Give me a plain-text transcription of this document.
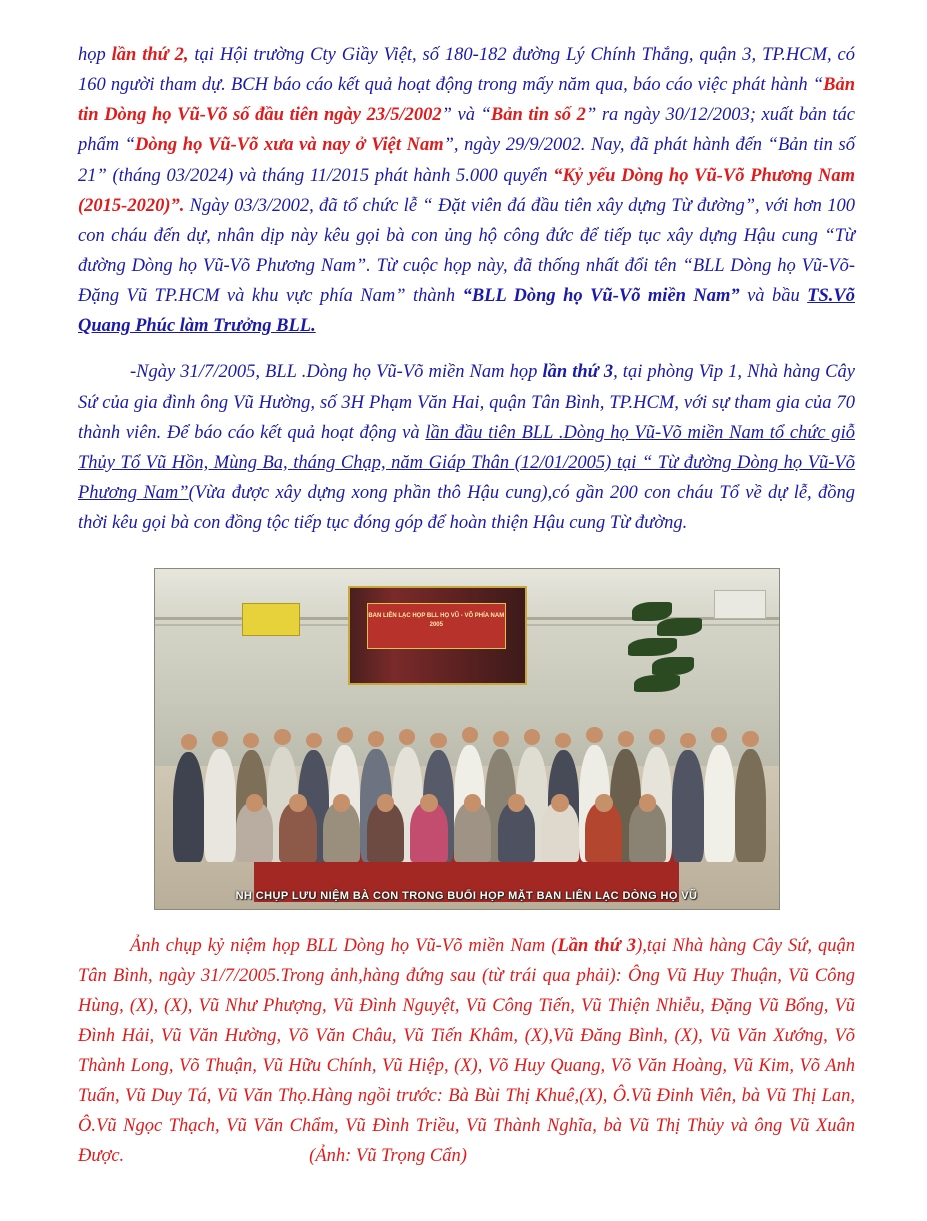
họp lần thứ 2, tại Hội trường Cty Giầy Việt, số 180-182 đường Lý Chính Thắng, quận 3, TP.HCM, có 160 người tham dự. BCH báo cáo kết quả hoạt động trong mấy năm qua, báo cáo việc phát hành “Bản tin Dòng họ Vũ-Võ số đầu tiên ngày 23/5/2002” và “Bản tin số 2” ra ngày 30/12/2003; xuất bản tác phẩm “Dòng họ Vũ-Võ xưa và nay ở Việt Nam”, ngày 29/9/2002. Nay, đã phát hành đến “Bản tin số 21” (tháng 03/2024) và tháng 11/2015 phát hành 5.000 quyển “Kỷ yếu Dòng họ Vũ-Võ Phương Nam (2015-2020)”. Ngày 03/3/2002, đã tổ chức lễ “ Đặt viên đá đầu tiên xây dựng Từ đường”, với hơn 100 con cháu đến dự, nhân dịp này kêu gọi bà con ủng hộ công đức để tiếp tục xây dựng Hậu cung “Từ đường Dòng họ Vũ-Võ Phương Nam”. Từ cuộc họp này, đã thống nhất đổi tên “BLL Dòng họ Vũ-Võ-Đặng Vũ TP.HCM và khu vực phía Nam” thành “BLL Dòng họ Vũ-Võ miền Nam” và bầu TS.Võ Quang Phúc làm Trưởng BLL.

-Ngày 31/7/2005, BLL .Dòng họ Vũ-Võ miền Nam họp lần thứ 3, tại phòng Vip 1, Nhà hàng Cây Sứ của gia đình ông Vũ Hường, số 3H Phạm Văn Hai, quận Tân Bình, TP.HCM, với sự tham gia của 70 thành viên. Để báo cáo kết quả hoạt động và lần đầu tiên BLL .Dòng họ Vũ-Võ miền Nam tổ chức giỗ Thủy Tổ Vũ Hồn, Mùng Ba, tháng Chạp, năm Giáp Thân (12/01/2005) tại “ Từ đường Dòng họ Vũ-Võ Phương Nam”(Vừa được xây dựng xong phần thô Hậu cung),có gần 200 con cháu Tổ về dự lễ, đồng thời kêu gọi bà con đồng tộc tiếp tục đóng góp để hoàn thiện Hậu cung Từ đường.

BAN LIÊN LẠC HỌP BLL HỌ VŨ - VÕ PHÍA NAM 2005
NH CHỤP LƯU NIỆM BÀ CON TRONG BUỔI HỌP MẶT BAN LIÊN LẠC DÒNG HỌ VŨ

Ảnh chụp kỷ niệm họp BLL Dòng họ Vũ-Võ miền Nam (Lần thứ 3),tại Nhà hàng Cây Sứ, quận Tân Bình, ngày 31/7/2005.Trong ảnh,hàng đứng sau (từ trái qua phải): Ông Vũ Huy Thuận, Vũ Công Hùng, (X), (X), Vũ Như Phượng, Vũ Đình Nguyệt, Vũ Công Tiến, Vũ Thiện Nhiễu, Đặng Vũ Bổng, Vũ Đình Hải, Vũ Văn Hường, Võ Văn Châu, Vũ Tiến Khâm, (X),Vũ Đăng Bình, (X), Vũ Văn Xướng, Võ Thành Long, Võ Thuận, Vũ Hữu Chính, Vũ Hiệp, (X), Võ Huy Quang, Võ Văn Hoàng, Vũ Kim, Võ Anh Tuấn, Vũ Duy Tá, Vũ Văn Thọ.Hàng ngồi trước: Bà Bùi Thị Khuê,(X), Ô.Vũ Đinh Viên, bà Vũ Thị Lan, Ô.Vũ Ngọc Thạch, Vũ Văn Chẩm, Vũ Đình Triều, Vũ Thành Nghĩa, bà Vũ Thị Thủy và ông Vũ Xuân Được.	(Ảnh: Vũ Trọng Cẩn)
